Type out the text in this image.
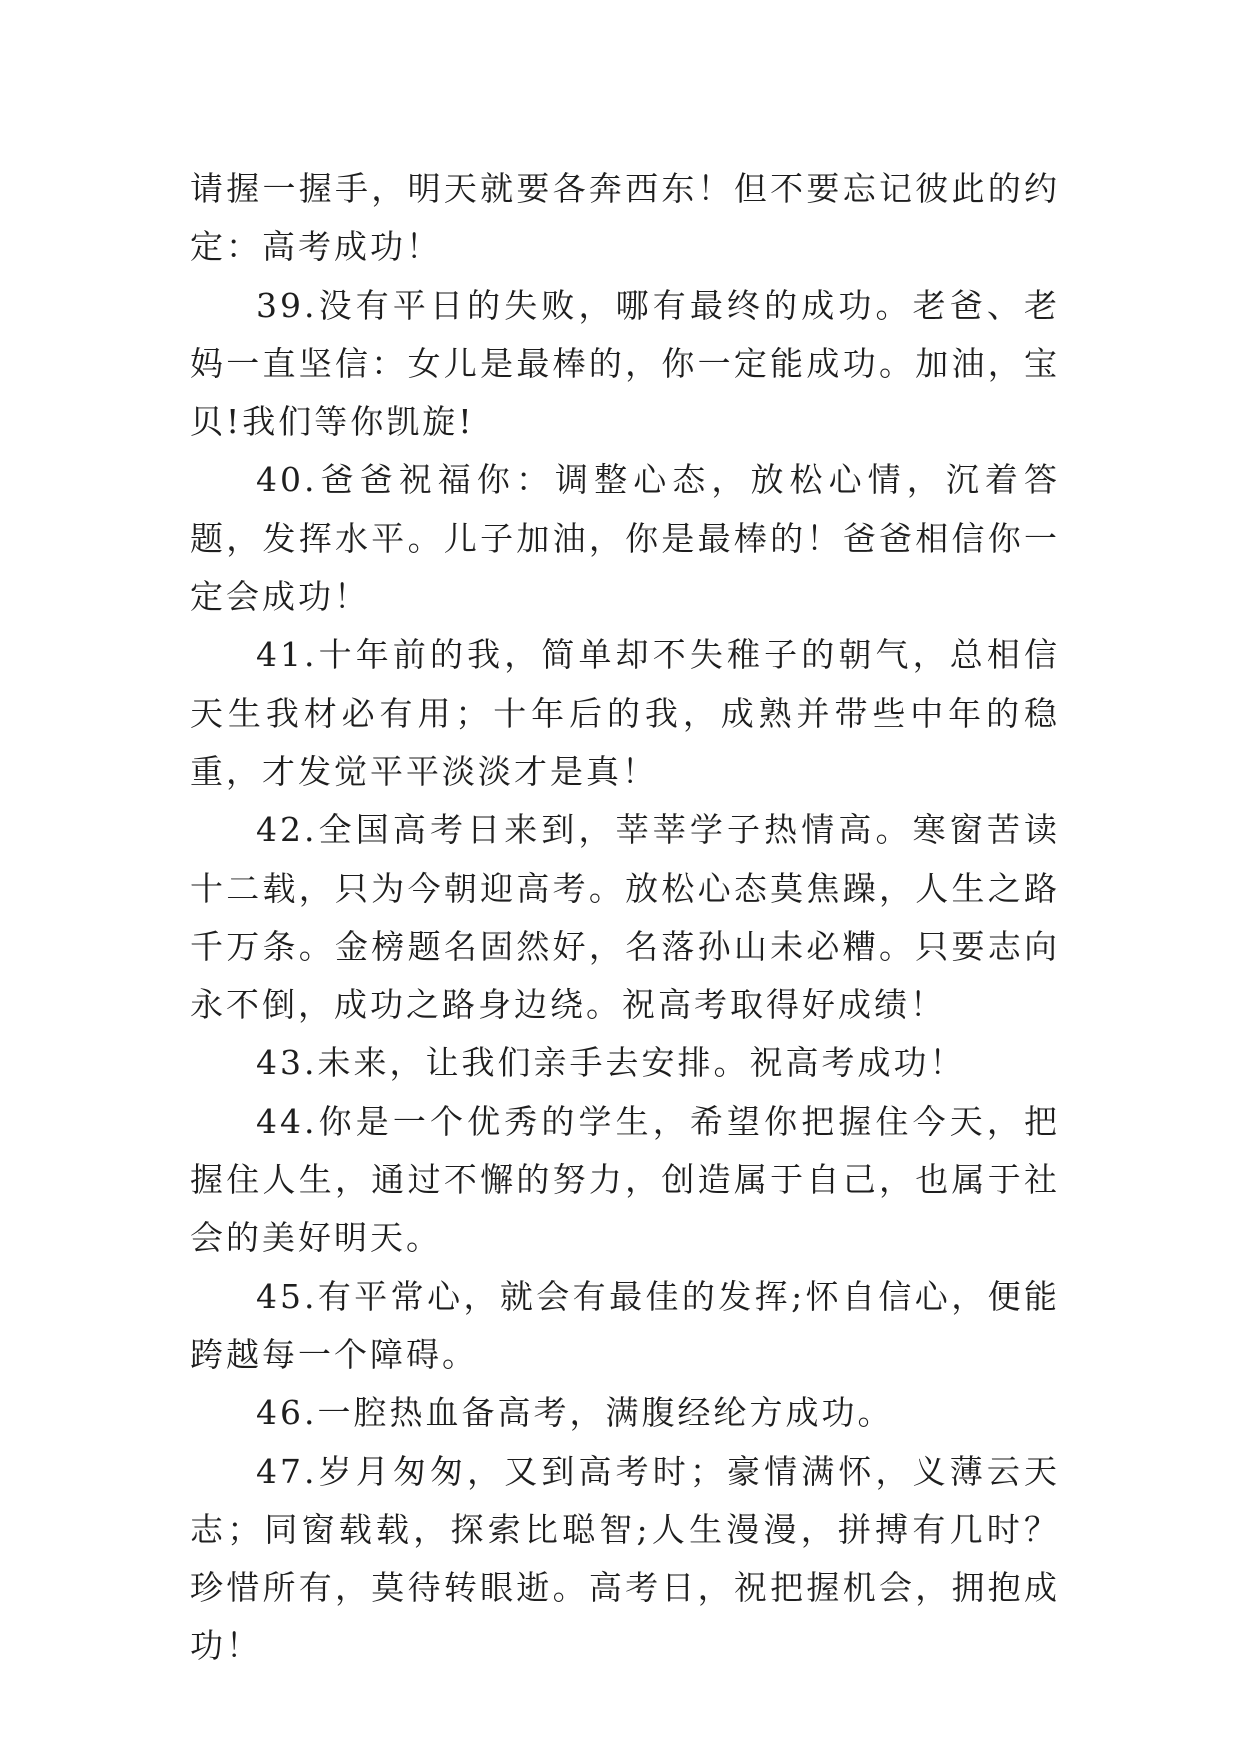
请握一握手，明天就要各奔西东！但不要忘记彼此的约定：高考成功！

39.没有平日的失败，哪有最终的成功。老爸、老妈一直坚信：女儿是最棒的，你一定能成功。加油，宝贝!我们等你凯旋!

40.爸爸祝福你：调整心态，放松心情，沉着答题，发挥水平。儿子加油，你是最棒的！爸爸相信你一定会成功！

41.十年前的我，简单却不失稚子的朝气，总相信天生我材必有用；十年后的我，成熟并带些中年的稳重，才发觉平平淡淡才是真！

42.全国高考日来到，莘莘学子热情高。寒窗苦读十二载，只为今朝迎高考。放松心态莫焦躁，人生之路千万条。金榜题名固然好，名落孙山未必糟。只要志向永不倒，成功之路身边绕。祝高考取得好成绩！

43.未来，让我们亲手去安排。祝高考成功！

44.你是一个优秀的学生，希望你把握住今天，把握住人生，通过不懈的努力，创造属于自己，也属于社会的美好明天。

45.有平常心，就会有最佳的发挥;怀自信心，便能跨越每一个障碍。

46.一腔热血备高考，满腹经纶方成功。

47.岁月匆匆，又到高考时；豪情满怀，义薄云天志；同窗载载，探索比聪智;人生漫漫，拼搏有几时？珍惜所有，莫待转眼逝。高考日，祝把握机会，拥抱成功！
